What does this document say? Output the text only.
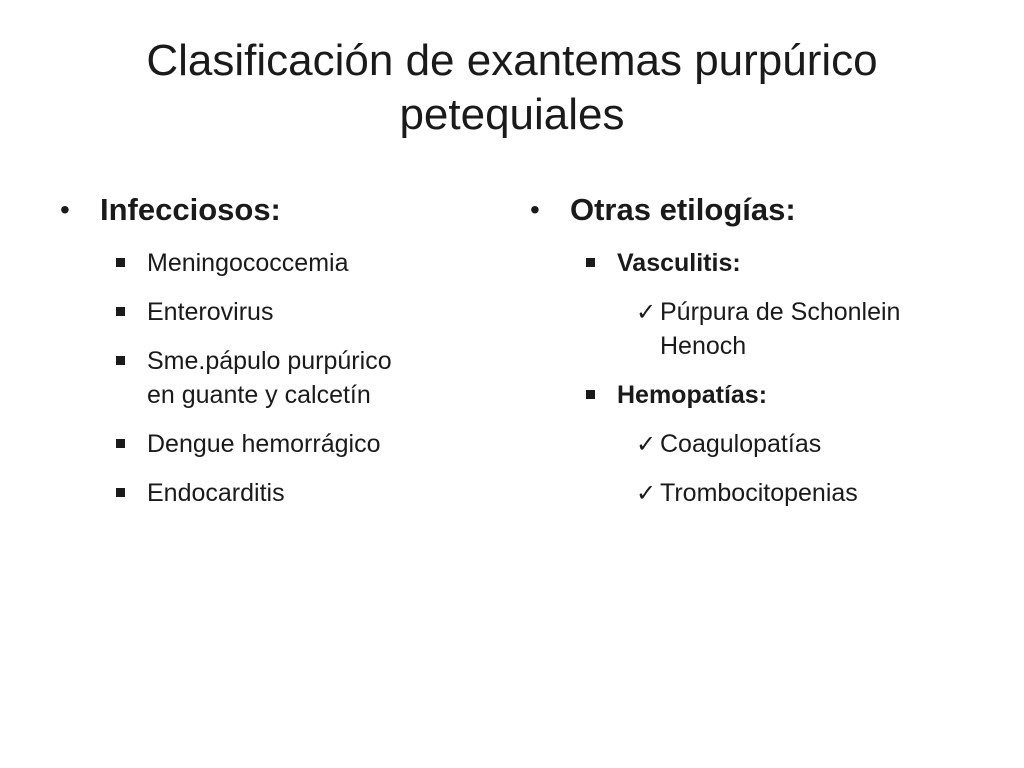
Clasificación de exantemas purpúrico
petequiales
• Infecciosos:
Meningococcemia
Enterovirus
Sme.pápulo purpúrico
en guante y calcetín
Dengue hemorrágico
Endocarditis
• Otras etilogías:
Vasculitis:
✓ Púrpura de Schonlein
Henoch
Hemopatías:
✓ Coagulopatías
✓ Trombocitopenias
